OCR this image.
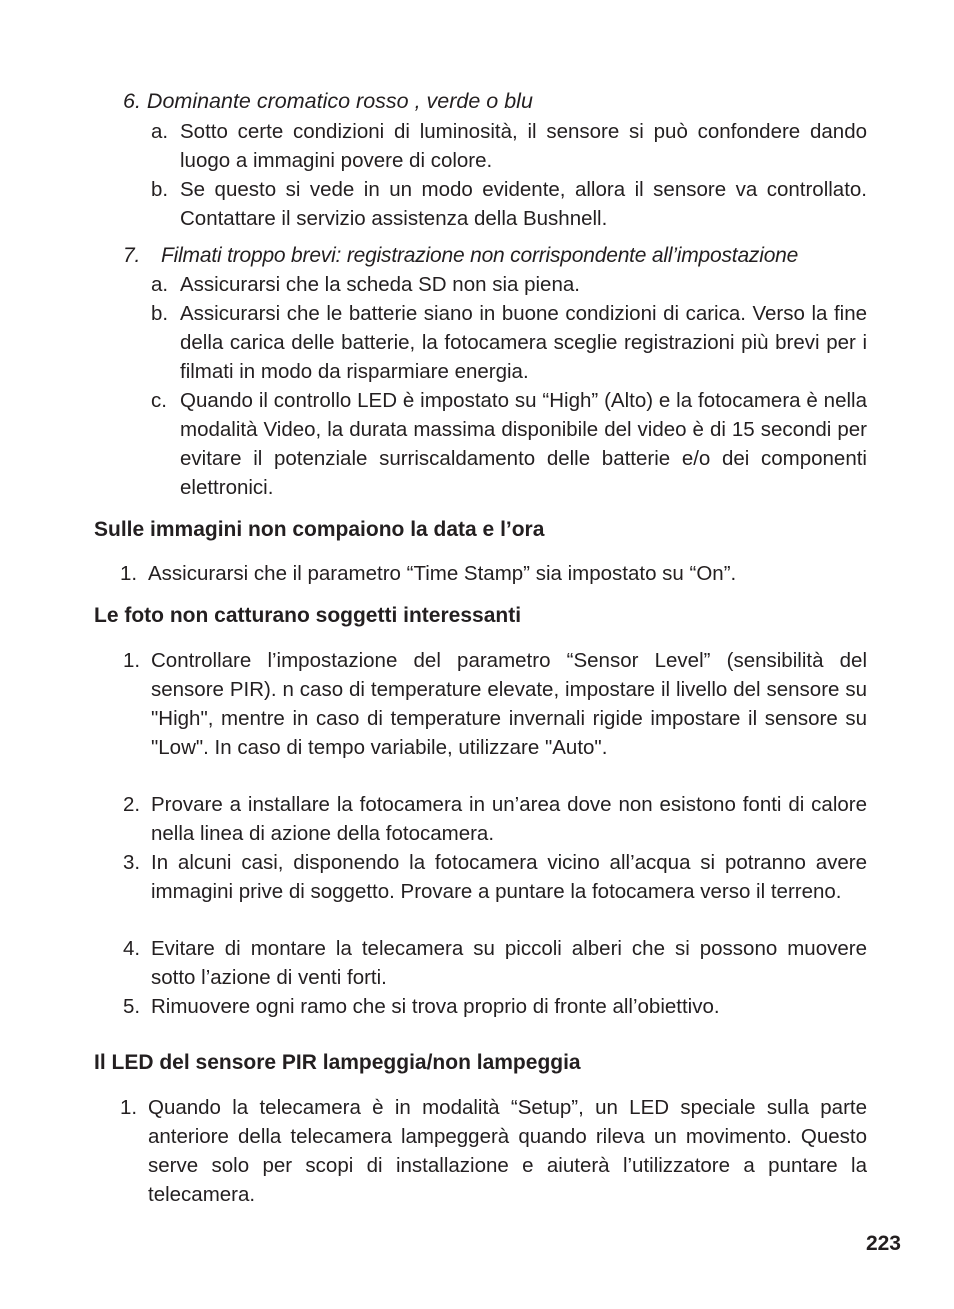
6. Dominante cromatico rosso , verde o blu
a. Sotto certe condizioni di luminosità, il sensore si può confondere dando luogo a immagini povere di colore.
b. Se questo si vede in un modo evidente, allora il sensore va controllato. Contattare il servizio assistenza della Bushnell.
7. Filmati troppo brevi: registrazione non corrispondente all’impostazione
a. Assicurarsi che la scheda SD non sia piena.
b. Assicurarsi che le batterie siano in buone condizioni di carica. Verso la fine della carica delle batterie, la fotocamera sceglie registrazioni più brevi per i filmati in modo da risparmiare energia.
c. Quando il controllo LED è impostato su “High” (Alto) e la fotocamera è nella modalità Video, la durata massima disponibile del video è di 15 secondi per evitare il potenziale surriscaldamento delle batterie e/o dei componenti elettronici.
Sulle immagini non compaiono la data e l’ora
1. Assicurarsi che il parametro “Time Stamp” sia impostato su “On”.
Le foto non catturano soggetti interessanti
1. Controllare l’impostazione del parametro “Sensor Level” (sensibilità del sensore PIR). n caso di temperature elevate, impostare il livello del sensore su "High", mentre in caso di temperature invernali rigide impostare il sensore su "Low". In caso di tempo variabile, utilizzare "Auto".
2. Provare a installare la fotocamera in un’area dove non esistono fonti di calore nella linea di azione della fotocamera.
3. In alcuni casi, disponendo la fotocamera vicino all’acqua si potranno avere immagini prive di soggetto. Provare a puntare la fotocamera verso il terreno.
4. Evitare di montare la telecamera su piccoli alberi che si possono muovere sotto l’azione di venti forti.
5. Rimuovere ogni ramo che si trova proprio di fronte all’obiettivo.
Il LED del sensore PIR lampeggia/non lampeggia
1. Quando la telecamera è in modalità “Setup”, un LED speciale sulla parte anteriore della telecamera lampeggerà quando rileva un movimento. Questo serve solo per scopi di installazione e aiuterà l’utilizzatore a puntare la telecamera.
223
